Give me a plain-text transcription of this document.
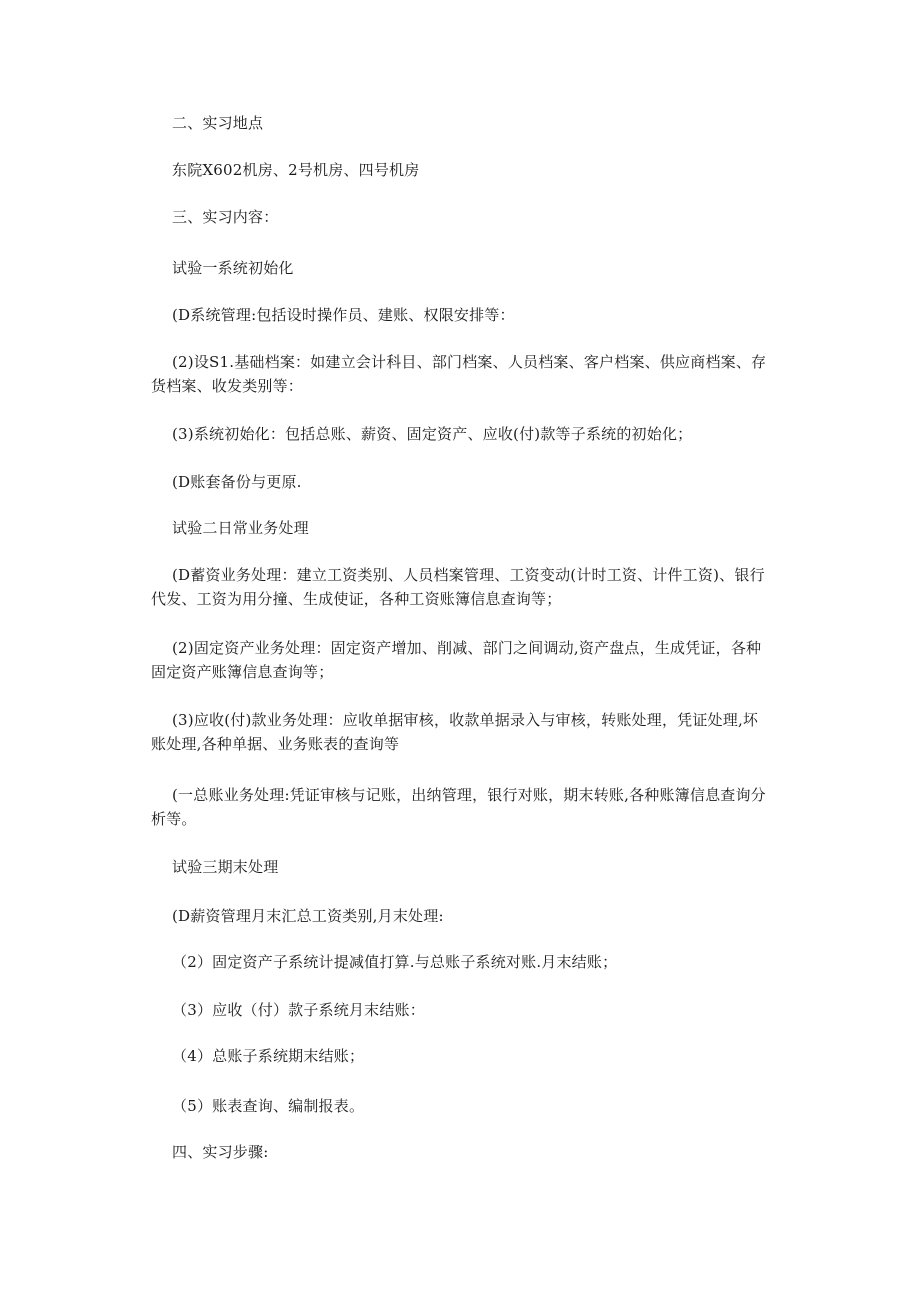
二、实习地点
东院X602机房、2号机房、四号机房
三、实习内容：
试验一系统初始化
(D系统管理:包括设时操作员、建账、权限安排等：
(2)设S1.基础档案：如建立会计科目、部门档案、人员档案、客户档案、供应商档案、存
货档案、收发类别等：
(3)系统初始化：包括总账、薪资、固定资产、应收(付)款等子系统的初始化；
(D账套备份与更原.
试验二日常业务处理
(D蓄资业务处理：建立工资类别、人员档案管理、工资变动(计时工资、计件工资)、银行
代发、工资为用分撞、生成使证，各种工资账簿信息查询等；
(2)固定资产业务处理：固定资产增加、削减、部门之间调动,资产盘点，生成凭证，各种
固定资产账簿信息查询等；
(3)应收(付)款业务处理：应收单据审核，收款单据录入与审核，转账处理，凭证处理,坏
账处理,各种单据、业务账表的查询等
(一总账业务处理:凭证审核与记账，出纳管理，银行对账，期末转账,各种账簿信息查询分
析等。
试验三期末处理
(D薪资管理月末汇总工资类别,月末处理:
（2）固定资产子系统计提减值打算.与总账子系统对账.月末结账；
（3）应收（付）款子系统月末结账：
（4）总账子系统期末结账；
（5）账表查询、编制报表。
四、实习步骤:
